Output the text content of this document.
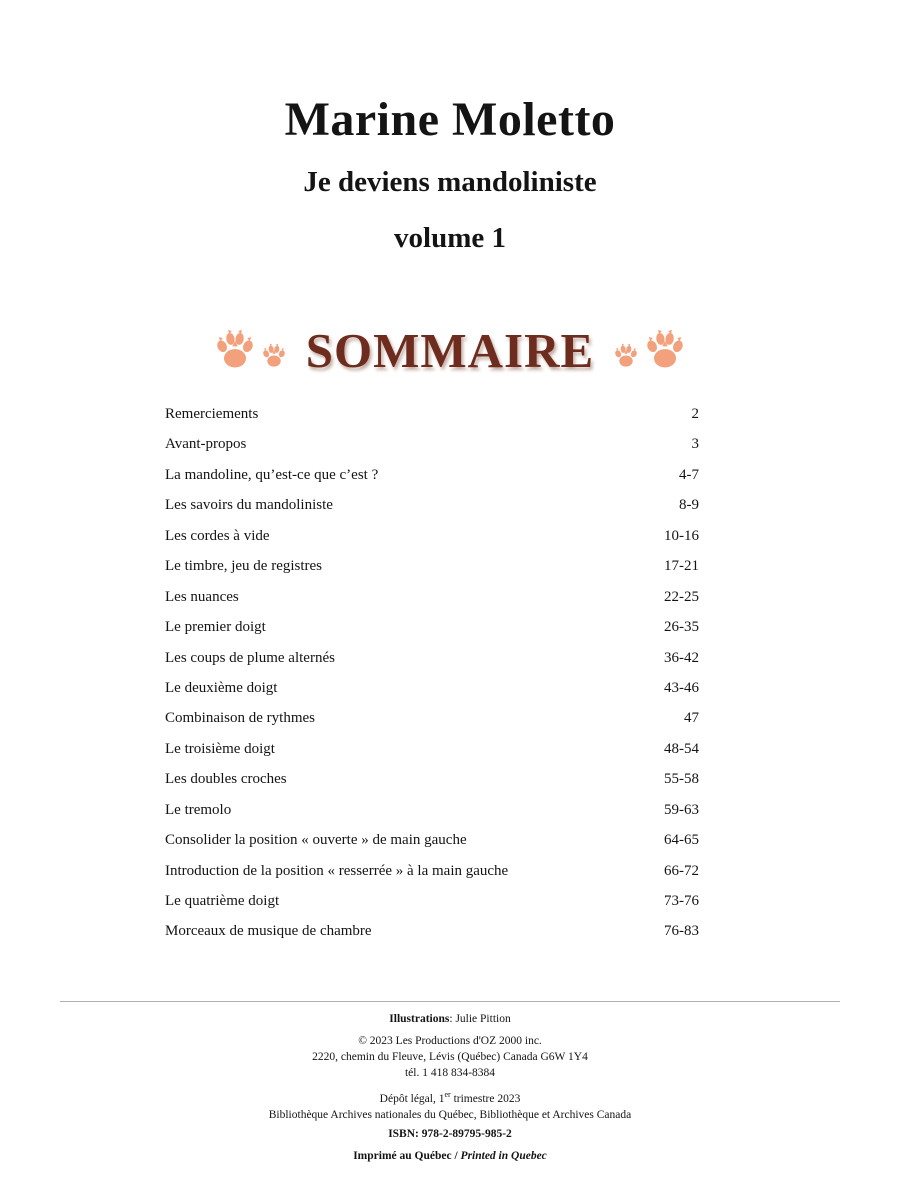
Marine Moletto
Je deviens mandoliniste
volume 1
SOMMAIRE
Remerciements	2
Avant-propos	3
La mandoline, qu’est-ce que c’est ?	4-7
Les savoirs du mandoliniste	8-9
Les cordes à vide	10-16
Le timbre, jeu de registres	17-21
Les nuances	22-25
Le premier doigt	26-35
Les coups de plume alternés	36-42
Le deuxième doigt	43-46
Combinaison de rythmes	47
Le troisième doigt	48-54
Les doubles croches	55-58
Le tremolo	59-63
Consolider la position « ouverte » de main gauche	64-65
Introduction de la position « resserrée » à la main gauche	66-72
Le quatrième doigt	73-76
Morceaux de musique de chambre	76-83
Illustrations: Julie Pittion
© 2023 Les Productions d'OZ 2000 inc.
2220, chemin du Fleuve, Lévis (Québec) Canada G6W 1Y4
tél. 1 418 834-8384
Dépôt légal, 1er trimestre 2023
Bibliothèque Archives nationales du Québec, Bibliothèque et Archives Canada
ISBN: 978-2-89795-985-2
Imprimé au Québec / Printed in Quebec
